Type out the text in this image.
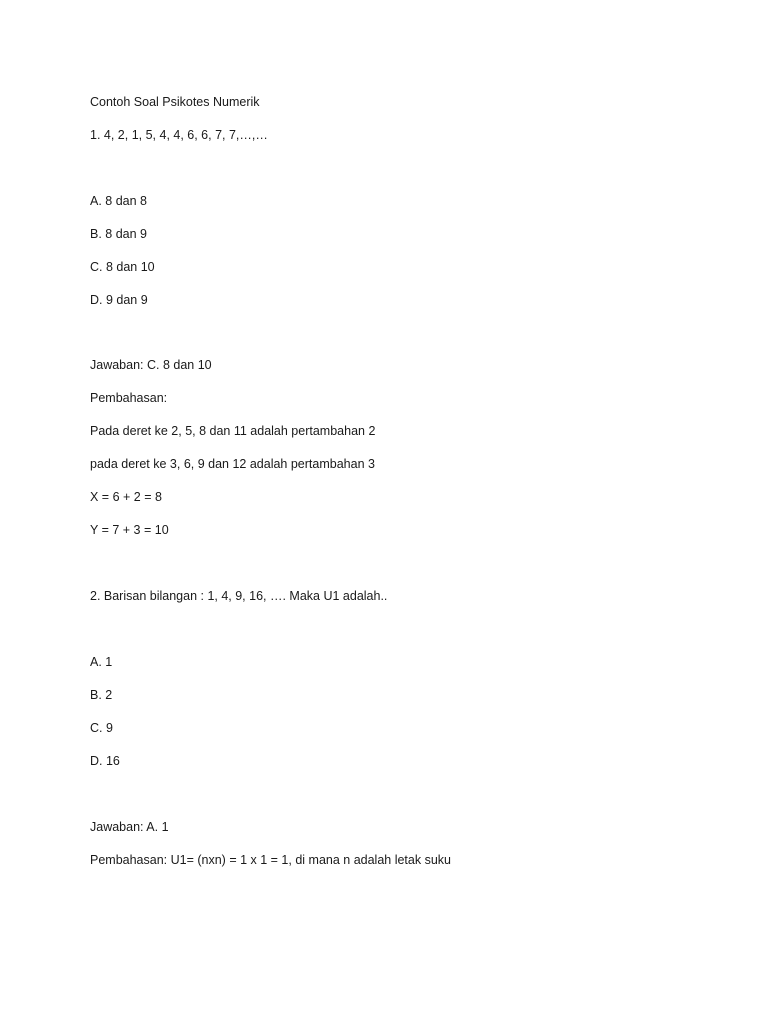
Contoh Soal Psikotes Numerik
1. 4, 2, 1, 5, 4, 4, 6, 6, 7, 7,…,…
A. 8 dan 8
B. 8 dan 9
C. 8 dan 10
D. 9 dan 9
Jawaban: C. 8 dan 10
Pembahasan:
Pada deret ke 2, 5, 8 dan 11 adalah pertambahan 2
pada deret ke 3, 6, 9 dan 12 adalah pertambahan 3
X = 6 + 2 = 8
Y = 7 + 3 = 10
2. Barisan bilangan : 1, 4, 9, 16, …. Maka U1 adalah..
A. 1
B. 2
C. 9
D. 16
Jawaban: A. 1
Pembahasan: U1= (nxn) = 1 x 1 = 1, di mana n adalah letak suku
